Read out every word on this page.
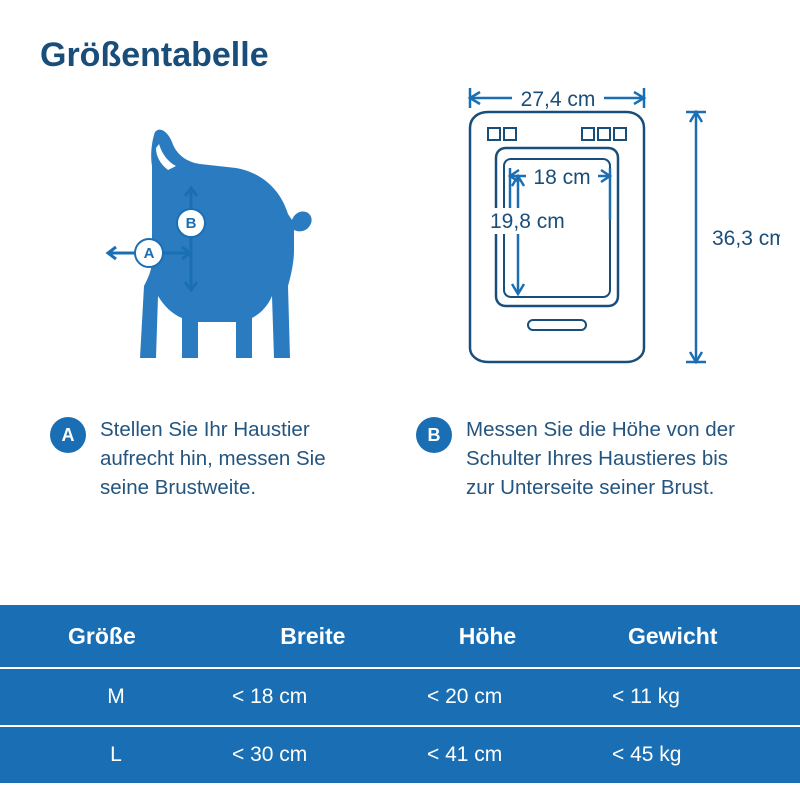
Größentabelle
A
B
27,4 cm
36,3 cm
18 cm
19,8 cm
A	Stellen Sie Ihr Haustier aufrecht hin, messen Sie seine Brustweite.
B	Messen Sie die Höhe von der Schulter Ihres Haustieres bis zur Unterseite seiner Brust.
Größe	Breite	Höhe	Gewicht
M	< 18 cm	< 20 cm	< 11 kg
L	< 30 cm	< 41 cm	< 45 kg
